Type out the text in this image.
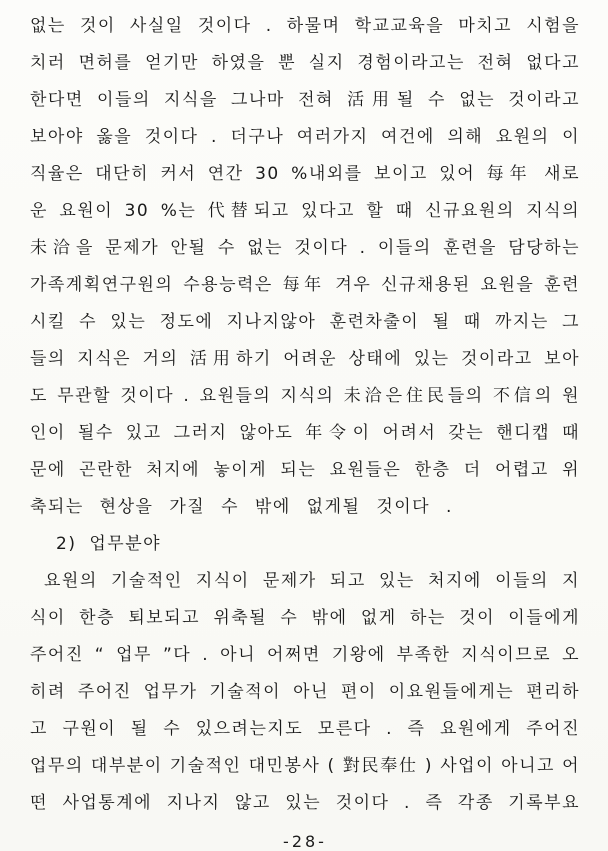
없는 것이 사실일 것이다 . 하물며 학교교육을 마치고 시험을
치러 면허를 얻기만 하였을 뿐 실지 경험이라고는 전혀 없다고
한다면 이들의 지식을 그나마 전혀 活用될 수 없는 것이라고
보아야 옳을 것이다 . 더구나 여러가지 여건에 의해 요원의 이
직율은 대단히 커서 연간 30 %내외를 보이고 있어 每年 새로
운 요원이 30 %는 代替되고 있다고 할 때 신규요원의 지식의
未洽을 문제가 안될 수 없는 것이다 . 이들의 훈련을 담당하는
가족계획연구원의 수용능력은 每年 겨우 신규채용된 요원을 훈련
시킬 수 있는 정도에 지나지않아 훈련차출이 될 때 까지는 그
들의 지식은 거의 活用하기 어려운 상태에 있는 것이라고 보아
도 무관할 것이다 . 요원들의 지식의 未洽은住民들의 不信의 원
인이 될수 있고 그러지 않아도 年令이 어려서 갖는 핸디캡 때
문에 곤란한 처지에 놓이게 되는 요원들은 한층 더 어렵고 위
축되는 현상을 가질 수 밖에 없게될 것이다 .
2) 업무분야
요원의 기술적인 지식이 문제가 되고 있는 처지에 이들의 지
식이 한층 퇴보되고 위축될 수 밖에 없게 하는 것이 이들에게
주어진 “ 업무 ”다 . 아니 어쩌면 기왕에 부족한 지식이므로 오
히려 주어진 업무가 기술적이 아닌 편이 이요원들에게는 편리하
고 구원이 될 수 있으려는지도 모른다 . 즉 요원에게 주어진
업무의 대부분이 기술적인 대민봉사 ( 對民奉仕 ) 사업이 아니고 어
떤 사업통계에 지나지 않고 있는 것이다 . 즉 각종 기록부요
-28-
